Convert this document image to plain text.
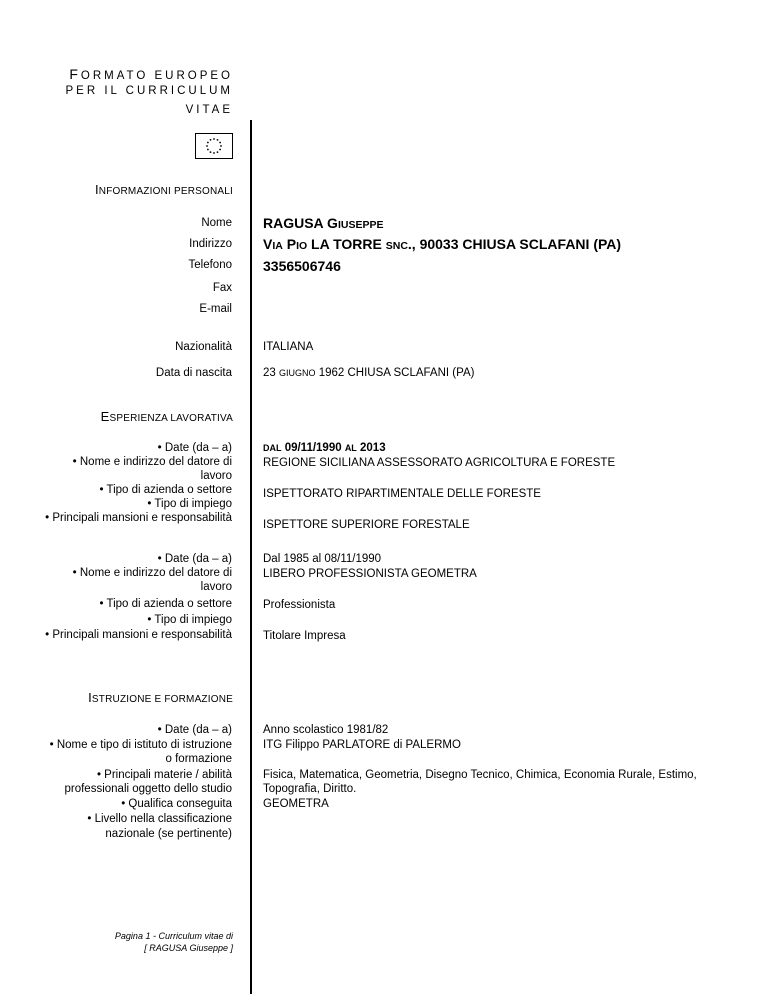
FORMATO EUROPEO
PER IL CURRICULUM
VITAE
INFORMAZIONI PERSONALI
Nome RAGUSA GIUSEPPE
Indirizzo VIA PIO LA TORRE SNC., 90033 CHIUSA SCLAFANI (PA)
Telefono 3356506746
Fax
E-mail
Nazionalità	ITALIANA
Data di nascita	23 GIUGNO 1962 CHIUSA SCLAFANI (PA)
ESPERIENZA LAVORATIVA
• Date (da – a)
• Nome e indirizzo del datore di
lavoro
• Tipo di azienda o settore
• Tipo di impiego
• Principali mansioni e responsabilità
DAL 09/11/1990 AL 2013
REGIONE SICILIANA ASSESSORATO AGRICOLTURA E FORESTE
ISPETTORATO RIPARTIMENTALE DELLE FORESTE
ISPETTORE SUPERIORE FORESTALE
• Date (da – a)
• Nome e indirizzo del datore di
lavoro
• Tipo di azienda o settore
• Tipo di impiego
• Principali mansioni e responsabilità
Dal 1985 al 08/11/1990
LIBERO PROFESSIONISTA GEOMETRA
Professionista
Titolare Impresa
ISTRUZIONE E FORMAZIONE
• Date (da – a)
• Nome e tipo di istituto di istruzione
o formazione
• Principali materie / abilità
professionali oggetto dello studio
• Qualifica conseguita
• Livello nella classificazione
nazionale (se pertinente)
Anno scolastico 1981/82
ITG Filippo PARLATORE di PALERMO
Fisica, Matematica, Geometria, Disegno Tecnico, Chimica, Economia Rurale, Estimo, Topografia, Diritto.
GEOMETRA
Pagina 1 - Curriculum vitae di
[ RAGUSA Giuseppe ]
